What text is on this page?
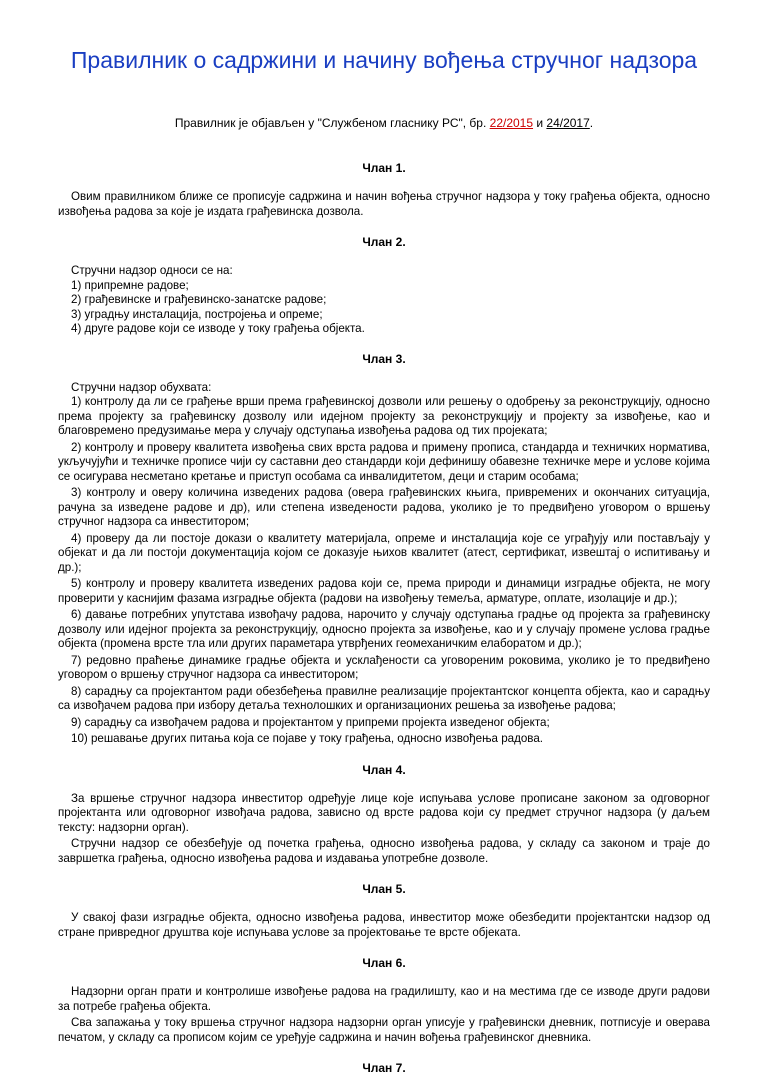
Правилник о садржини и начину вођења стручног надзора
Правилник је објављен у "Службеном гласнику РС", бр. 22/2015 и 24/2017.
Члан 1.

Овим правилником ближе се прописује садржина и начин вођења стручног надзора у току грађења објекта, односно извођења радова за које је издата грађевинска дозвола.

Члан 2.
Стручни надзор односи се на:
1) припремне радове;
2) грађевинске и грађевинско-занатске радове;
3) уградњу инсталација, постројења и опреме;
4) друге радове који се изводе у току грађења објекта.
Члан 3.
Стручни надзор обухвата:

1) контролу да ли се грађење врши према грађевинској дозволи или решењу о одобрењу за реконструкцију, односно према пројекту за грађевинску дозволу или идејном пројекту за реконструкцију и пројекту за извођење, као и благовремено предузимање мера у случају одступања извођења радова од тих пројеката;

2) контролу и проверу квалитета извођења свих врста радова и примену прописа, стандарда и техничких норматива, укључујући и техничке прописе чији су саставни део стандарди који дефинишу обавезне техничке мере и услове којима се осигурава несметано кретање и приступ особама са инвалидитетом, деци и старим особама;

3) контролу и оверу количина изведених радова (овера грађевинских књига, привремених и окончаних ситуација, рачуна за изведене радове и др), или степена изведености радова, уколико је то предвиђено уговором о вршењу стручног надзора са инвеститором;

4) проверу да ли постоје докази о квалитету материјала, опреме и инсталација које се уграђују или постављају у објекат и да ли постоји документација којом се доказује њихов квалитет (атест, сертификат, извештај о испитивању и др.);

5) контролу и проверу квалитета изведених радова који се, према природи и динамици изградње објекта, не могу проверити у каснијим фазама изградње објекта (радови на извођењу темеља, арматуре, оплате, изолације и др.);

6) давање потребних упутстава извођачу радова, нарочито у случају одступања градње од пројекта за грађевинску дозволу или идејног пројекта за реконструкцију, односно пројекта за извођење, као и у случају промене услова градње објекта (промена врсте тла или других параметара утврђених геомеханичким елаборатом и др.);

7) редовно праћење динамике градње објекта и усклађености са уговореним роковима, уколико је то предвиђено уговором о вршењу стручног надзора са инвеститором;

8) сарадњу са пројектантом ради обезбеђења правилне реализације пројектантског концепта објекта, као и сарадњу са извођачем радова при избору детаља технолошких и организационих решења за извођење радова;

9) сарадњу са извођачем радова и пројектантом у припреми пројекта изведеног објекта;

10) решавање других питања која се појаве у току грађења, односно извођења радова.

Члан 4.

За вршење стручног надзора инвеститор одређује лице које испуњава услове прописане законом за одговорног пројектанта или одговорног извођача радова, зависно од врсте радова који су предмет стручног надзора (у даљем тексту: надзорни орган).

Стручни надзор се обезбеђује од почетка грађења, односно извођења радова, у складу са законом и траје до завршетка грађења, односно извођења радова и издавања употребне дозволе.

Члан 5.

У свакој фази изградње објекта, односно извођења радова, инвеститор може обезбедити пројектантски надзор од стране привредног друштва које испуњава услове за пројектовање те врсте објеката.

Члан 6.

Надзорни орган прати и контролише извођење радова на градилишту, као и на местима где се изводе други радови за потребе грађења објекта.

Сва запажања у току вршења стручног надзора надзорни орган уписује у грађевински дневник, потписује и оверава печатом, у складу са прописом којим се уређује садржина и начин вођења грађевинског дневника.

Члан 7.
